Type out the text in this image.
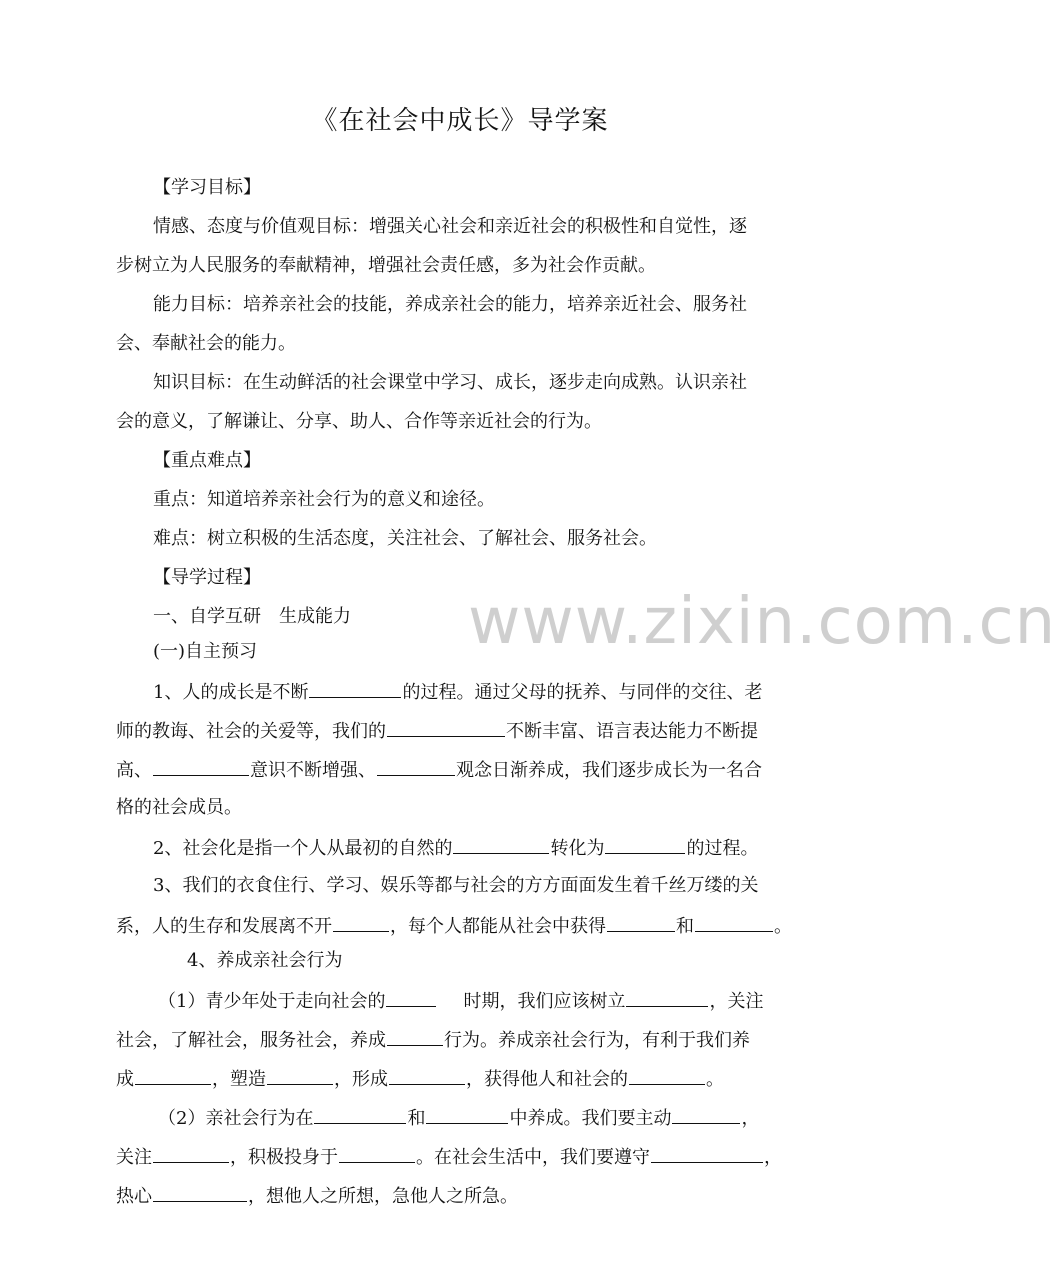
www.zixin.com.cn
《在社会中成长》导学案
【学习目标】
情感、态度与价值观目标：增强关心社会和亲近社会的积极性和自觉性，逐
步树立为人民服务的奉献精神，增强社会责任感，多为社会作贡献。
能力目标：培养亲社会的技能，养成亲社会的能力，培养亲近社会、服务社
会、奉献社会的能力。
知识目标：在生动鲜活的社会课堂中学习、成长，逐步走向成熟。认识亲社
会的意义，了解谦让、分享、助人、合作等亲近社会的行为。
【重点难点】
重点：知道培养亲社会行为的意义和途径。
难点：树立积极的生活态度，关注社会、了解社会、服务社会。
【导学过程】
一、自学互研　生成能力
(一)自主预习
1、人的成长是不断	的过程。通过父母的抚养、与同伴的交往、老
师的教诲、社会的关爱等，我们的	不断丰富、语言表达能力不断提
高、	意识不断增强、	观念日渐养成，我们逐步成长为一名合
格的社会成员。
2、社会化是指一个人从最初的自然的	转化为	的过程。
3、我们的衣食住行、学习、娱乐等都与社会的方方面面发生着千丝万缕的关
系，人的生存和发展离不开	，每个人都能从社会中获得	和	。
4、养成亲社会行为
（1）青少年处于走向社会的	时期，我们应该树立	，关注
社会，了解社会，服务社会，养成	行为。养成亲社会行为，有利于我们养
成	，塑造	，形成	，获得他人和社会的	。
（2）亲社会行为在	和	中养成。我们要主动	，
关注	，积极投身于	。在社会生活中，我们要遵守	，
热心	，想他人之所想，急他人之所急。
